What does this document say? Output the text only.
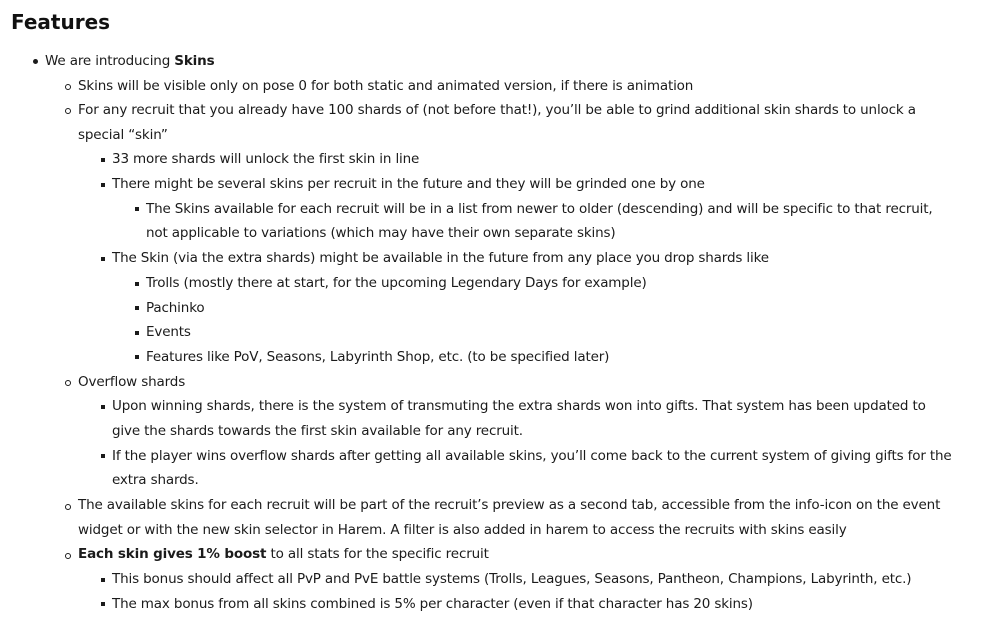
Features
We are introducing Skins
Skins will be visible only on pose 0 for both static and animated version, if there is animation
For any recruit that you already have 100 shards of (not before that!), you’ll be able to grind additional skin shards to unlock a
special “skin”
33 more shards will unlock the first skin in line
There might be several skins per recruit in the future and they will be grinded one by one
The Skins available for each recruit will be in a list from newer to older (descending) and will be specific to that recruit,
not applicable to variations (which may have their own separate skins)
The Skin (via the extra shards) might be available in the future from any place you drop shards like
Trolls (mostly there at start, for the upcoming Legendary Days for example)
Pachinko
Events
Features like PoV, Seasons, Labyrinth Shop, etc. (to be specified later)
Overflow shards
Upon winning shards, there is the system of transmuting the extra shards won into gifts. That system has been updated to
give the shards towards the first skin available for any recruit.
If the player wins overflow shards after getting all available skins, you’ll come back to the current system of giving gifts for the
extra shards.
The available skins for each recruit will be part of the recruit’s preview as a second tab, accessible from the info-icon on the event
widget or with the new skin selector in Harem. A filter is also added in harem to access the recruits with skins easily
Each skin gives 1% boost to all stats for the specific recruit
This bonus should affect all PvP and PvE battle systems (Trolls, Leagues, Seasons, Pantheon, Champions, Labyrinth, etc.)
The max bonus from all skins combined is 5% per character (even if that character has 20 skins)
